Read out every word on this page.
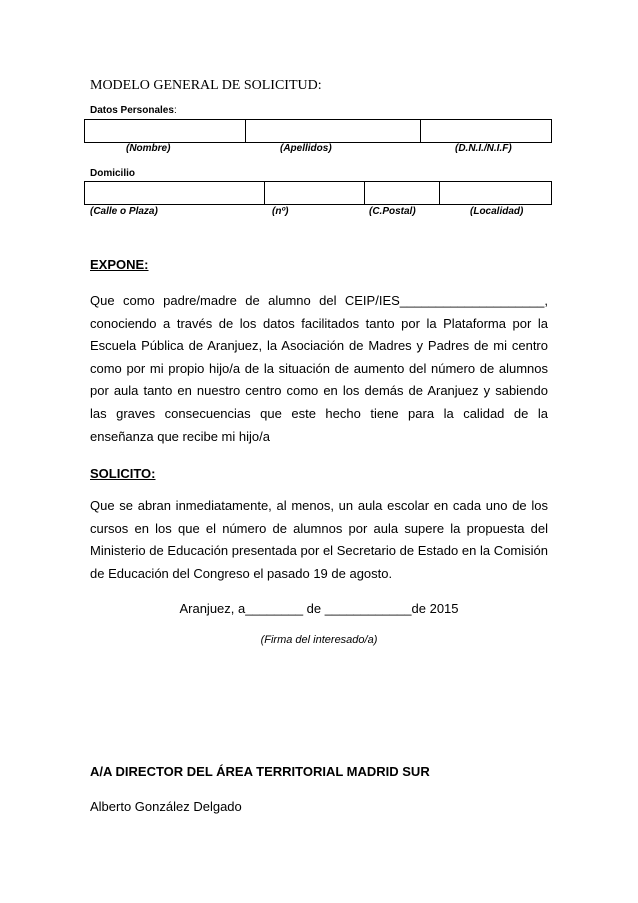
MODELO GENERAL DE SOLICITUD:
Datos Personales:

(Nombre)	(Apellidos)	(D.N.I./N.I.F)
Domicilio

(Calle o Plaza)	(nº)	(C.Postal)	(Localidad)
EXPONE:

Que como padre/madre de alumno del CEIP/IES____________________, conociendo a través de los datos facilitados tanto por la Plataforma por la Escuela Pública de Aranjuez, la Asociación de Madres y Padres de mi centro como por mi propio hijo/a de la situación de aumento del número de alumnos por aula tanto en nuestro centro como en los demás de Aranjuez y sabiendo las graves consecuencias que este hecho tiene para la calidad de la enseñanza que recibe mi hijo/a

SOLICITO:

Que se abran inmediatamente, al menos, un aula escolar en cada uno de los cursos en los que el número de alumnos por aula supere la propuesta del Ministerio de Educación presentada por el Secretario de Estado en la Comisión de Educación del Congreso el pasado 19 de agosto.

Aranjuez, a________ de ____________de 2015
(Firma del interesado/a)
A/A DIRECTOR DEL ÁREA TERRITORIAL MADRID SUR
Alberto González Delgado
